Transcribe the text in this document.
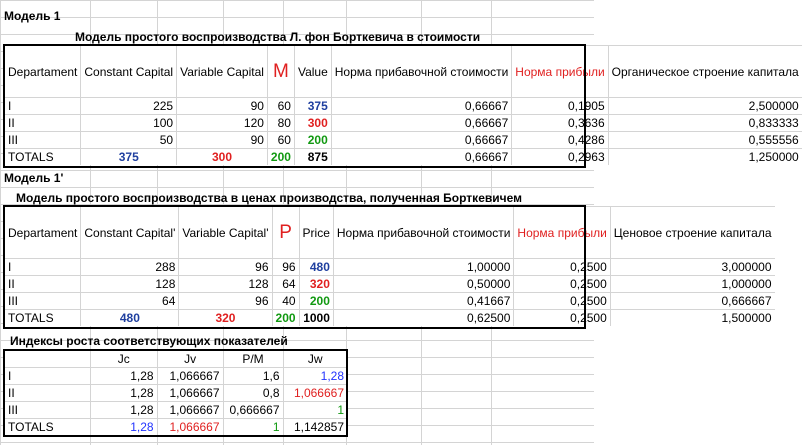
Модель 1
Модель простого воспроизводства Л. фон Борткевича в стоимости
Departament	Constant Capital	Variable Capital	M	Value	Норма прибавочной стоимости	Норма прибыли	Органическое строение капитала
I	225	90	60	375	0,66667	0,1905	2,500000
II	100	120	80	300	0,66667	0,3636	0,833333
III	50	90	60	200	0,66667	0,4286	0,555556
TOTALS	375	300	200	875	0,66667	0,2963	1,250000
Модель 1'
Модель простого воспроизводства в ценах производства, полученная Борткевичем
Departament	Constant Capital'	Variable Capital'	P	Price	Норма прибавочной стоимости	Норма прибыли	Ценовое строение капитала
I	288	96	96	480	1,00000	0,2500	3,000000
II	128	128	64	320	0,50000	0,2500	1,000000
III	64	96	40	200	0,41667	0,2500	0,666667
TOTALS	480	320	200	1000	0,62500	0,2500	1,500000
Индексы роста соответствующих показателей
	Jc	Jv	P/M	Jw
I	1,28	1,066667	1,6	1,28
II	1,28	1,066667	0,8	1,066667
III	1,28	1,066667	0,666667	1
TOTALS	1,28	1,066667	1	1,142857
